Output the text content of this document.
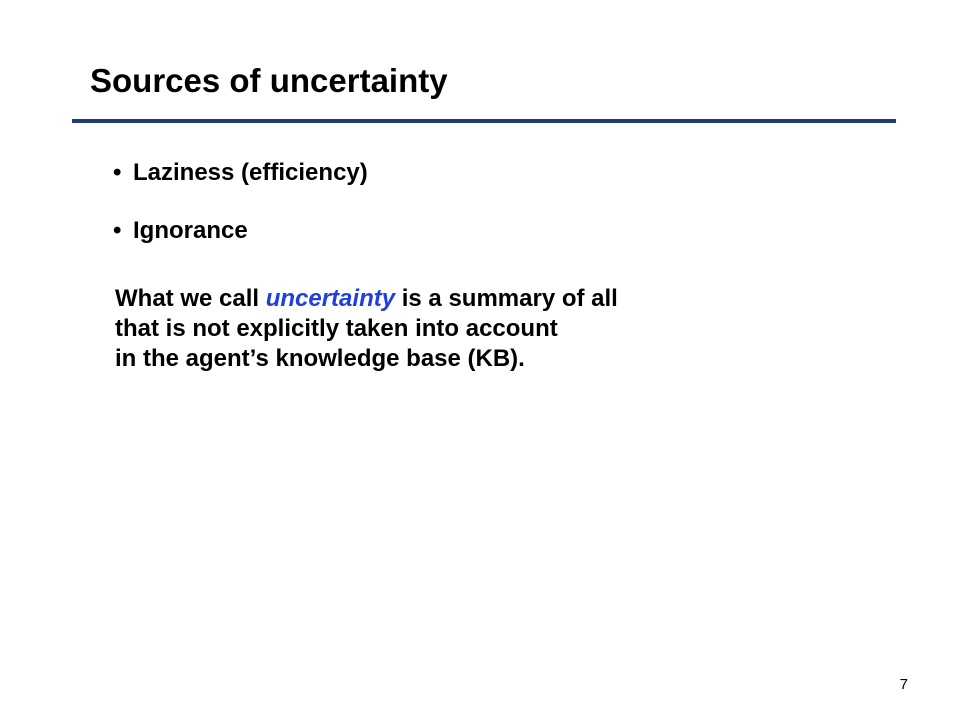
Sources of uncertainty
• Laziness (efficiency)
• Ignorance
What we call uncertainty is a summary of all
that is not explicitly taken into account
in the agent’s knowledge base (KB).
7
